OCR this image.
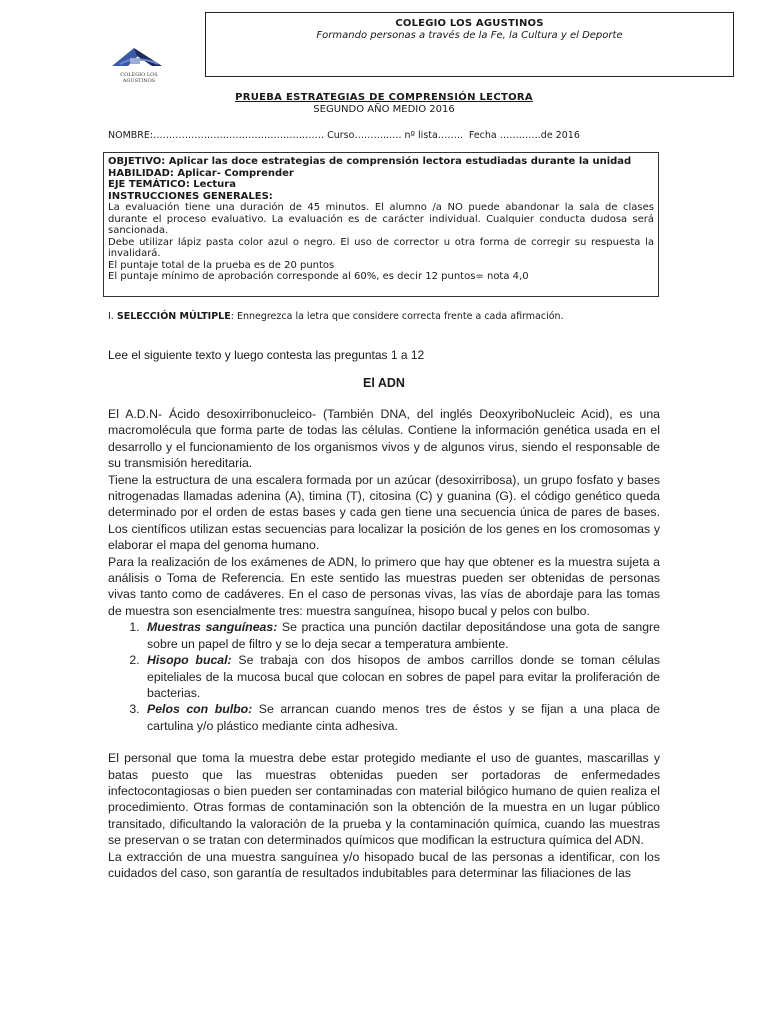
COLEGIO LOS AGUSTINOS
Formando personas a través de la Fe, la Cultura y el Deporte
COLEGIO LOS AGUSTINOS
PRUEBA ESTRATEGIAS DE COMPRENSIÓN LECTORA
SEGUNDO AÑO MEDIO 2016
NOMBRE:……………………………………………… Curso………..…. nº lista……..  Fecha ………….de 2016
OBJETIVO: Aplicar las doce estrategias de comprensión lectora estudiadas durante la unidad
HABILIDAD: Aplicar- Comprender
EJE TEMÁTICO: Lectura
INSTRUCCIONES GENERALES:
La evaluación tiene una duración de 45 minutos. El alumno /a NO puede abandonar la sala de clases durante el proceso evaluativo. La evaluación es de carácter individual. Cualquier conducta dudosa será sancionada.
Debe utilizar lápiz pasta color azul o negro. El uso de corrector u otra forma de corregir su respuesta la invalidará.
El puntaje total de la prueba es de 20 puntos
El puntaje mínimo de aprobación corresponde al 60%, es decir 12 puntos= nota 4,0
I. SELECCIÓN MÚLTIPLE: Ennegrezca la letra que considere correcta frente a cada afirmación.
Lee el siguiente texto y luego contesta las preguntas 1 a 12
El ADN

El A.D.N- Ácido desoxirribonucleico- (También DNA, del inglés DeoxyriboNucleic Acid), es una macromolécula que forma parte de todas las células. Contiene la información genética usada en el desarrollo y el funcionamiento de los organismos vivos y de algunos virus, siendo el responsable de su transmisión hereditaria.

Tiene la estructura de una escalera formada por un azúcar (desoxirribosa), un grupo fosfato y bases nitrogenadas llamadas adenina (A), timina (T), citosina (C) y guanina (G). el código genético queda determinado por el orden de estas bases y cada gen tiene una secuencia única de pares de bases. Los científicos utilizan estas secuencias para localizar la posición de los genes en los cromosomas y elaborar el mapa del genoma humano.

Para la realización de los exámenes de ADN, lo primero que hay que obtener es la muestra sujeta a análisis o Toma de Referencia. En este sentido las muestras pueden ser obtenidas de personas vivas tanto como de cadáveres. En el caso de personas vivas, las vías de abordaje para las tomas de muestra son esencialmente tres: muestra sanguínea, hisopo bucal y pelos con bulbo.

1. Muestras sanguíneas: Se practica una punción dactilar depositándose una gota de sangre sobre un papel de filtro y se lo deja secar a temperatura ambiente.
2. Hisopo bucal: Se trabaja con dos hisopos de ambos carrillos donde se toman células epiteliales de la mucosa bucal que colocan en sobres de papel para evitar la proliferación de bacterias.
3. Pelos con bulbo: Se arrancan cuando menos tres de éstos y se fijan a una placa de cartulina y/o plástico mediante cinta adhesiva.

El personal que toma la muestra debe estar protegido mediante el uso de guantes, mascarillas y batas puesto que las muestras obtenidas pueden ser portadoras de enfermedades infectocontagiosas o bien pueden ser contaminadas con material bilógico humano de quien realiza el procedimiento. Otras formas de contaminación son la obtención de la muestra en un lugar público transitado, dificultando la valoración de la prueba y la contaminación química, cuando las muestras se preservan o se tratan con determinados químicos que modifican la estructura química del ADN.

La extracción de una muestra sanguínea y/o hisopado bucal de las personas a identificar, con los cuidados del caso, son garantía de resultados indubitables para determinar las filiaciones de las
